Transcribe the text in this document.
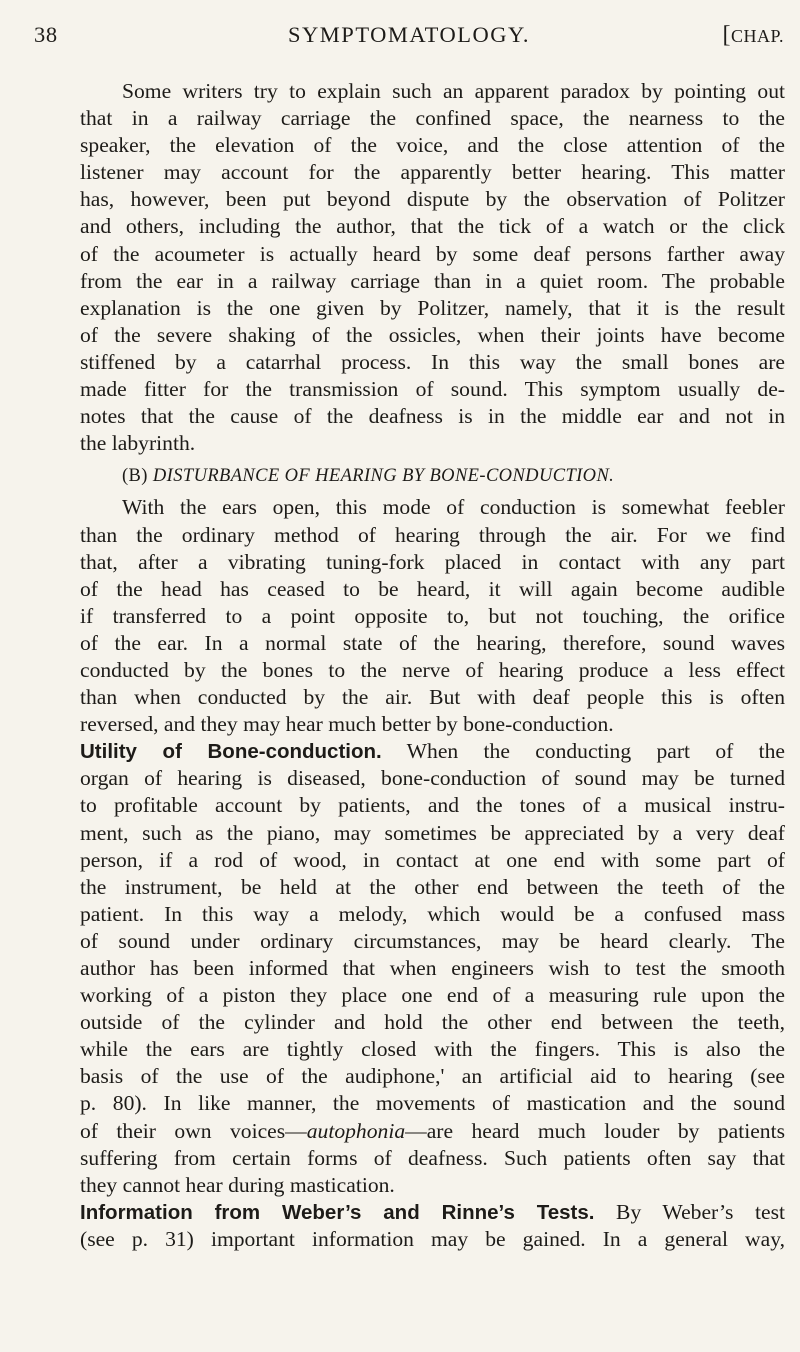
38	SYMPTOMATOLOGY.	[CHAP.
Some writers try to explain such an apparent paradox by pointing out
that in a railway carriage the confined space, the nearness to the
speaker, the elevation of the voice, and the close attention of the
listener may account for the apparently better hearing. This matter
has, however, been put beyond dispute by the observation of Politzer
and others, including the author, that the tick of a watch or the click
of the acoumeter is actually heard by some deaf persons farther away
from the ear in a railway carriage than in a quiet room. The probable
explanation is the one given by Politzer, namely, that it is the result
of the severe shaking of the ossicles, when their joints have become
stiffened by a catarrhal process. In this way the small bones are
made fitter for the transmission of sound. This symptom usually de-
notes that the cause of the deafness is in the middle ear and not in
the labyrinth.
(B) DISTURBANCE OF HEARING BY BONE-CONDUCTION.
With the ears open, this mode of conduction is somewhat feebler
than the ordinary method of hearing through the air. For we find
that, after a vibrating tuning-fork placed in contact with any part
of the head has ceased to be heard, it will again become audible
if transferred to a point opposite to, but not touching, the orifice
of the ear. In a normal state of the hearing, therefore, sound waves
conducted by the bones to the nerve of hearing produce a less effect
than when conducted by the air. But with deaf people this is often
reversed, and they may hear much better by bone-conduction.
Utility of Bone-conduction. When the conducting part of the
organ of hearing is diseased, bone-conduction of sound may be turned
to profitable account by patients, and the tones of a musical instru-
ment, such as the piano, may sometimes be appreciated by a very deaf
person, if a rod of wood, in contact at one end with some part of
the instrument, be held at the other end between the teeth of the
patient. In this way a melody, which would be a confused mass
of sound under ordinary circumstances, may be heard clearly. The
author has been informed that when engineers wish to test the smooth
working of a piston they place one end of a measuring rule upon the
outside of the cylinder and hold the other end between the teeth,
while the ears are tightly closed with the fingers. This is also the
basis of the use of the audiphone,' an artificial aid to hearing (see
p. 80). In like manner, the movements of mastication and the sound
of their own voices—autophonia—are heard much louder by patients
suffering from certain forms of deafness. Such patients often say that
they cannot hear during mastication.
Information from Weber’s and Rinne’s Tests. By Weber’s test
(see p. 31) important information may be gained. In a general way,
